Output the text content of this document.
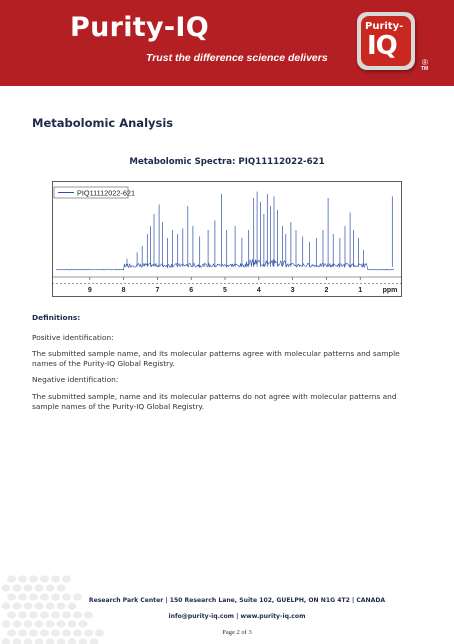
Purity-IQ
Trust the difference science delivers
Purity-
IQ
®
TM
Metabolomic Analysis
Metabolomic Spectra: PIQ11112022-621
9	8	7	6	5	4	3	2	1	ppm
PIQ11112022-621
Definitions:

Positive identification:

The submitted sample name, and its molecular patterns agree with molecular patterns and sample names of the Purity-IQ Global Registry.

Negative identification:

The submitted sample, name and its molecular patterns do not agree with molecular patterns and sample names of the Purity-IQ Global Registry.

Research Park Center | 150 Research Lane, Suite 102, GUELPH, ON N1G 4T2 | CANADA
info@purity-iq.com | www.purity-iq.com
Page 2 of 3
